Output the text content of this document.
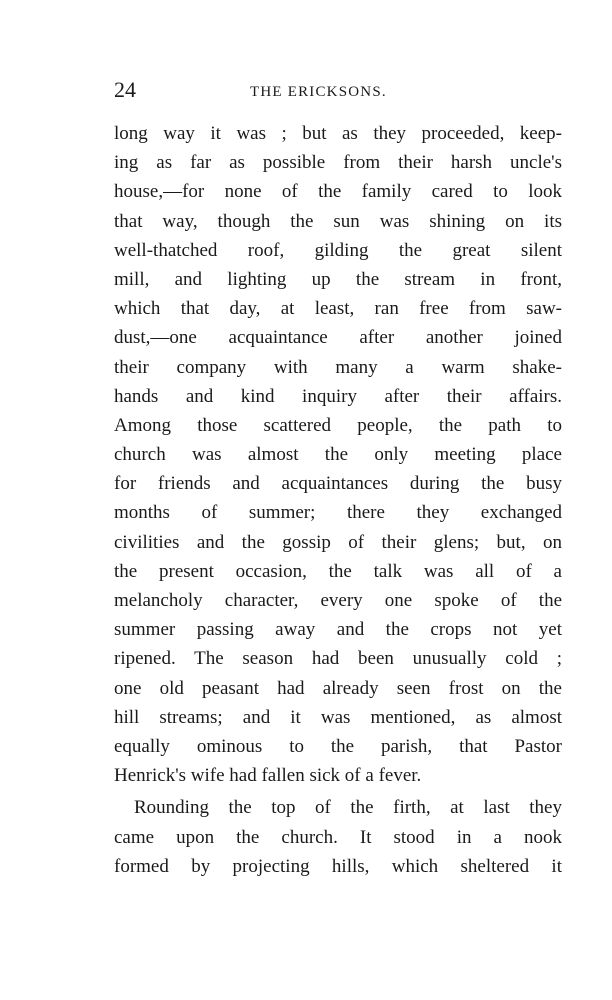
24	THE ERICKSONS.
long way it was ; but as they proceeded, keep-
ing as far as possible from their harsh uncle's
house,—for none of the family cared to look
that way, though the sun was shining on its
well-thatched roof, gilding the great silent
mill, and lighting up the stream in front,
which that day, at least, ran free from saw-
dust,—one acquaintance after another joined
their company with many a warm shake-
hands and kind inquiry after their affairs.
Among those scattered people, the path to
church was almost the only meeting place
for friends and acquaintances during the busy
months of summer; there they exchanged
civilities and the gossip of their glens; but, on
the present occasion, the talk was all of a
melancholy character, every one spoke of the
summer passing away and the crops not yet
ripened. The season had been unusually cold ;
one old peasant had already seen frost on the
hill streams; and it was mentioned, as almost
equally ominous to the parish, that Pastor
Henrick's wife had fallen sick of a fever.
Rounding the top of the firth, at last they
came upon the church. It stood in a nook
formed by projecting hills, which sheltered it
